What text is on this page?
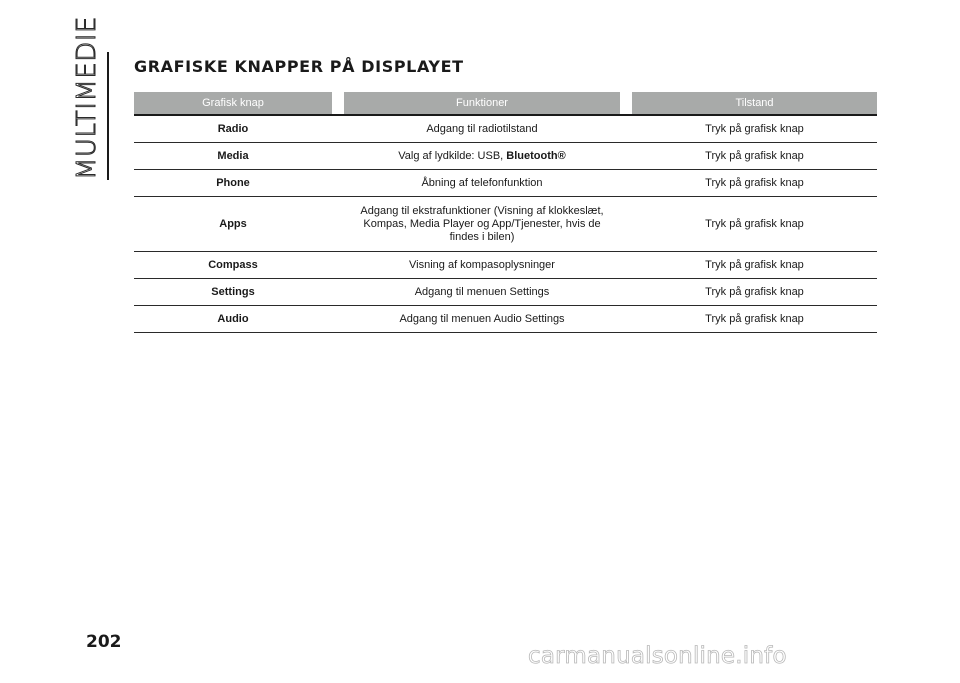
MULTIMEDIE GRAFISKE KNAPPER PÅ DISPLAYET
Grafisk knap		Funktioner		Tilstand
Radio		Adgang til radiotilstand		Tryk på grafisk knap
Media		Valg af lydkilde: USB, Bluetooth®		Tryk på grafisk knap
Phone		Åbning af telefonfunktion		Tryk på grafisk knap
Apps		Adgang til ekstrafunktioner (Visning af klokkeslæt,
Kompas, Media Player og App/Tjenester, hvis de
findes i bilen)		Tryk på grafisk knap
Compass		Visning af kompasoplysninger		Tryk på grafisk knap
Settings		Adgang til menuen Settings		Tryk på grafisk knap
Audio		Adgang til menuen Audio Settings		Tryk på grafisk knap
202
carmanualsonline.info
